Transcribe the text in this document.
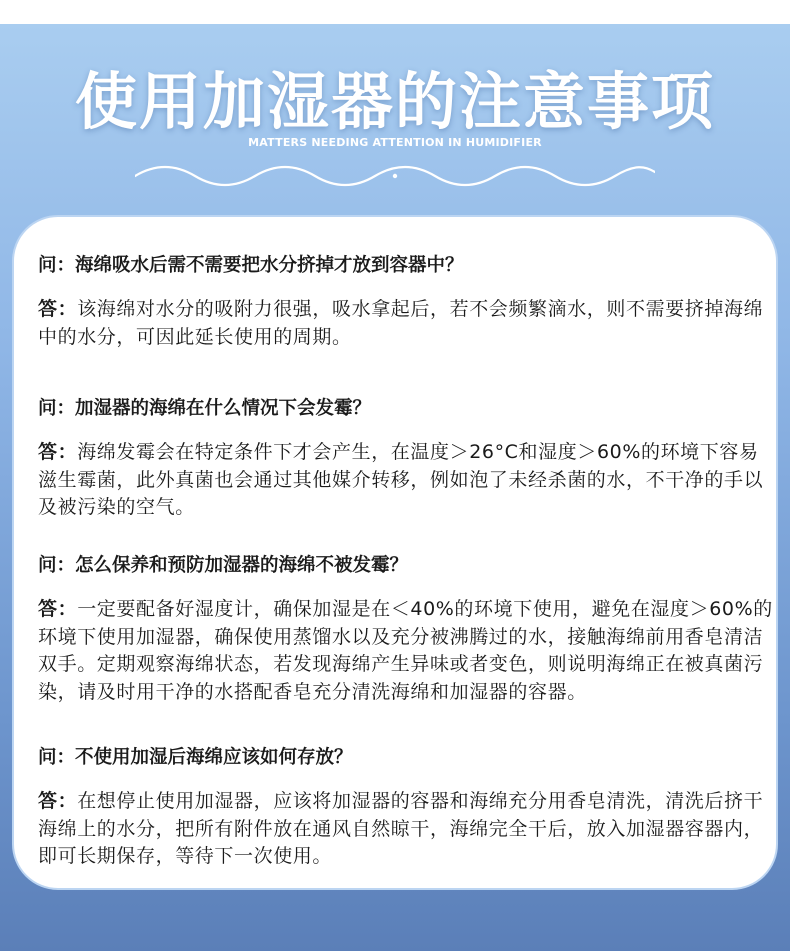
使用加湿器的注意事项
MATTERS NEEDING ATTENTION IN HUMIDIFIER

问：海绵吸水后需不需要把水分挤掉才放到容器中？

答：该海绵对水分的吸附力很强，吸水拿起后，若不会频繁滴水，则不需要挤掉海绵中的水分，可因此延长使用的周期。

问：加湿器的海绵在什么情况下会发霉？

答：海绵发霉会在特定条件下才会产生，在温度＞26°C和湿度＞60%的环境下容易滋生霉菌，此外真菌也会通过其他媒介转移，例如泡了未经杀菌的水，不干净的手以及被污染的空气。

问：怎么保养和预防加湿器的海绵不被发霉？

答：一定要配备好湿度计，确保加湿是在＜40%的环境下使用，避免在湿度＞60%的环境下使用加湿器，确保使用蒸馏水以及充分被沸腾过的水，接触海绵前用香皂清洁双手。定期观察海绵状态，若发现海绵产生异味或者变色，则说明海绵正在被真菌污染，请及时用干净的水搭配香皂充分清洗海绵和加湿器的容器。

问：不使用加湿后海绵应该如何存放？

答：在想停止使用加湿器，应该将加湿器的容器和海绵充分用香皂清洗，清洗后挤干海绵上的水分，把所有附件放在通风自然晾干，海绵完全干后，放入加湿器容器内，即可长期保存，等待下一次使用。
